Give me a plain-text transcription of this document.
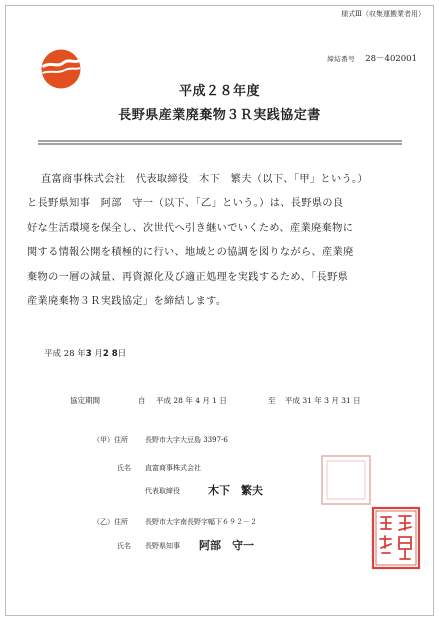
様式Ⅲ（収集運搬業者用）
締結番号 28－402001
平成２８年度
長野県産業廃棄物３Ｒ実践協定書
直富商事株式会社　代表取締役　木下　繁夫（以下、「甲」という。）
と長野県知事　阿部　守一（以下、「乙」という。）は、長野県の良
好な生活環境を保全し、次世代へ引き継いでいくため、産業廃棄物に
関する情報公開を積極的に行い、地域との協調を図りながら、産業廃
棄物の一層の減量、再資源化及び適正処理を実践するため、「長野県
産業廃棄物３Ｒ実践協定」を締結します。
平成 28 年3 月2 8日
協定期間	自 平成 28 年 4 月 1 日	至 平成 31 年 3 月 31 日
（甲）住所 長野市大字大豆島 3397-6
氏名 直富商事株式会社
代表取締役	木下　繁夫
（乙）住所 長野市大字南長野字幅下６９２－２
氏名 長野県知事 阿部　守一
